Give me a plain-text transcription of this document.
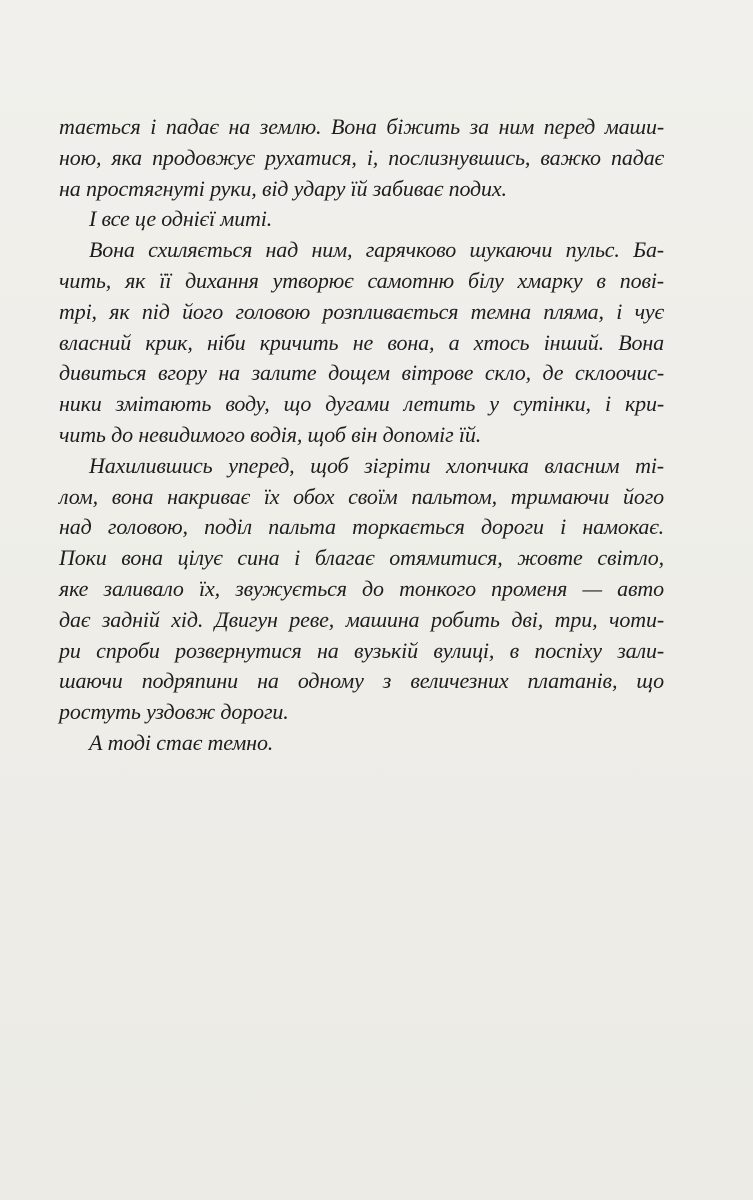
тається і падає на землю. Вона біжить за ним перед маши-
ною, яка продовжує рухатися, і, послизнувшись, важко падає
на простягнуті руки, від удару їй забиває подих.
І все це однієї миті.
Вона схиляється над ним, гарячково шукаючи пульс. Ба-
чить, як її дихання утворює самотню білу хмарку в пові-
трі, як під його головою розпливається темна пляма, і чує
власний крик, ніби кричить не вона, а хтось інший. Вона
дивиться вгору на залите дощем вітрове скло, де склоочис-
ники змітають воду, що дугами летить у сутінки, і кри-
чить до невидимого водія, щоб він допоміг їй.
Нахилившись уперед, щоб зігріти хлопчика власним ті-
лом, вона накриває їх обох своїм пальтом, тримаючи його
над головою, поділ пальта торкається дороги і намокає.
Поки вона цілує сина і благає отямитися, жовте світло,
яке заливало їх, звужується до тонкого променя — авто
дає задній хід. Двигун реве, машина робить дві, три, чоти-
ри спроби розвернутися на вузькій вулиці, в поспіху зали-
шаючи подряпини на одному з величезних платанів, що
ростуть уздовж дороги.
А тоді стає темно.
